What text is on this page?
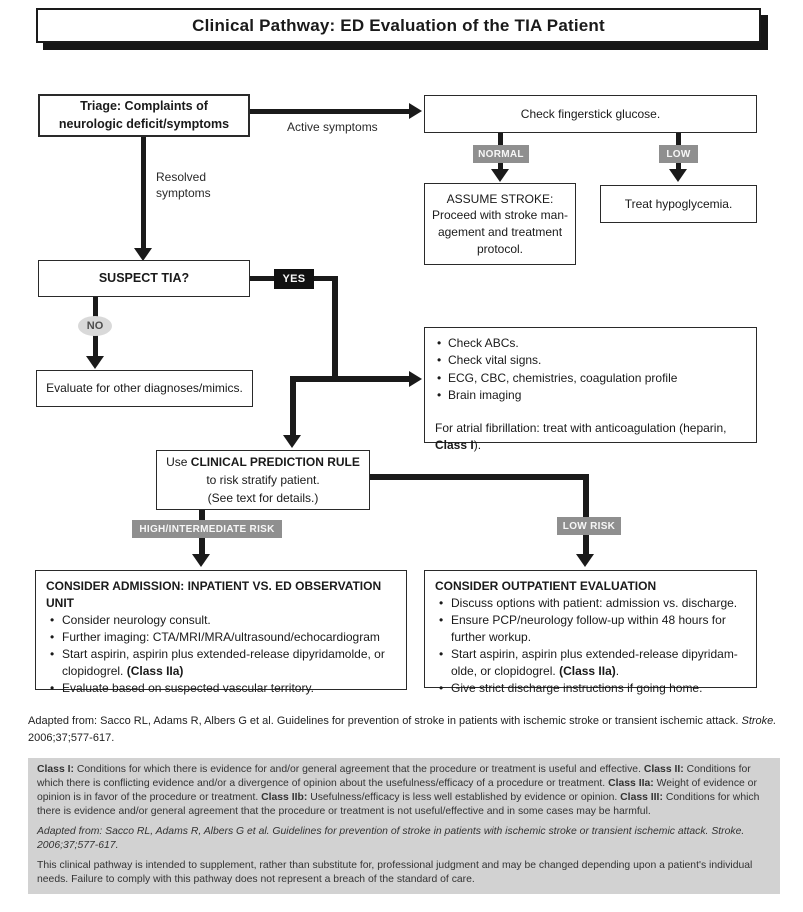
Clinical Pathway: ED Evaluation of the TIA Patient
Active symptoms
Resolved
symptoms
NORMAL	LOW
YES
NO
HIGH/INTERMEDIATE RISK	LOW RISK
Triage: Complaints of neurologic deficit/symptoms
Check fingerstick glucose.
ASSUME STROKE:
Proceed with stroke man-
agement and treatment
protocol.
Treat hypoglycemia.
SUSPECT TIA?
Evaluate for other diagnoses/mimics.
• Check ABCs.
• Check vital signs.
• ECG, CBC, chemistries, coagulation profile
• Brain imaging
For atrial fibrillation: treat with anticoagulation (heparin, Class I).
Use CLINICAL PREDICTION RULE
to risk stratify patient.
(See text for details.)
CONSIDER ADMISSION: INPATIENT VS. ED OBSERVATION UNIT
• Consider neurology consult.
• Further imaging: CTA/MRI/MRA/ultrasound/echocardiogram
• Start aspirin, aspirin plus extended-release dipyridamolde, or clopidogrel. (Class IIa)
• Evaluate based on suspected vascular territory.
CONSIDER OUTPATIENT EVALUATION
• Discuss options with patient: admission vs. discharge.
• Ensure PCP/neurology follow-up within 48 hours for further workup.
• Start aspirin, aspirin plus extended-release dipyridam-olde, or clopidogrel. (Class IIa).
• Give strict discharge instructions if going home.
Adapted from: Sacco RL, Adams R, Albers G et al. Guidelines for prevention of stroke in patients with ischemic stroke or transient ischemic attack. Stroke. 2006;37;577-617.

Class I: Conditions for which there is evidence for and/or general agreement that the procedure or treatment is useful and effective. Class II: Conditions for which there is conflicting evidence and/or a divergence of opinion about the usefulness/efficacy of a procedure or treatment. Class IIa: Weight of evidence or opinion is in favor of the procedure or treatment. Class IIb: Usefulness/efficacy is less well established by evidence or opinion. Class III: Conditions for which there is evidence and/or general agreement that the procedure or treatment is not useful/effective and in some cases may be harmful.

Adapted from: Sacco RL, Adams R, Albers G et al. Guidelines for prevention of stroke in patients with ischemic stroke or transient ischemic attack. Stroke. 2006;37;577-617.

This clinical pathway is intended to supplement, rather than substitute for, professional judgment and may be changed depending upon a patient's individual needs. Failure to comply with this pathway does not represent a breach of the standard of care.
